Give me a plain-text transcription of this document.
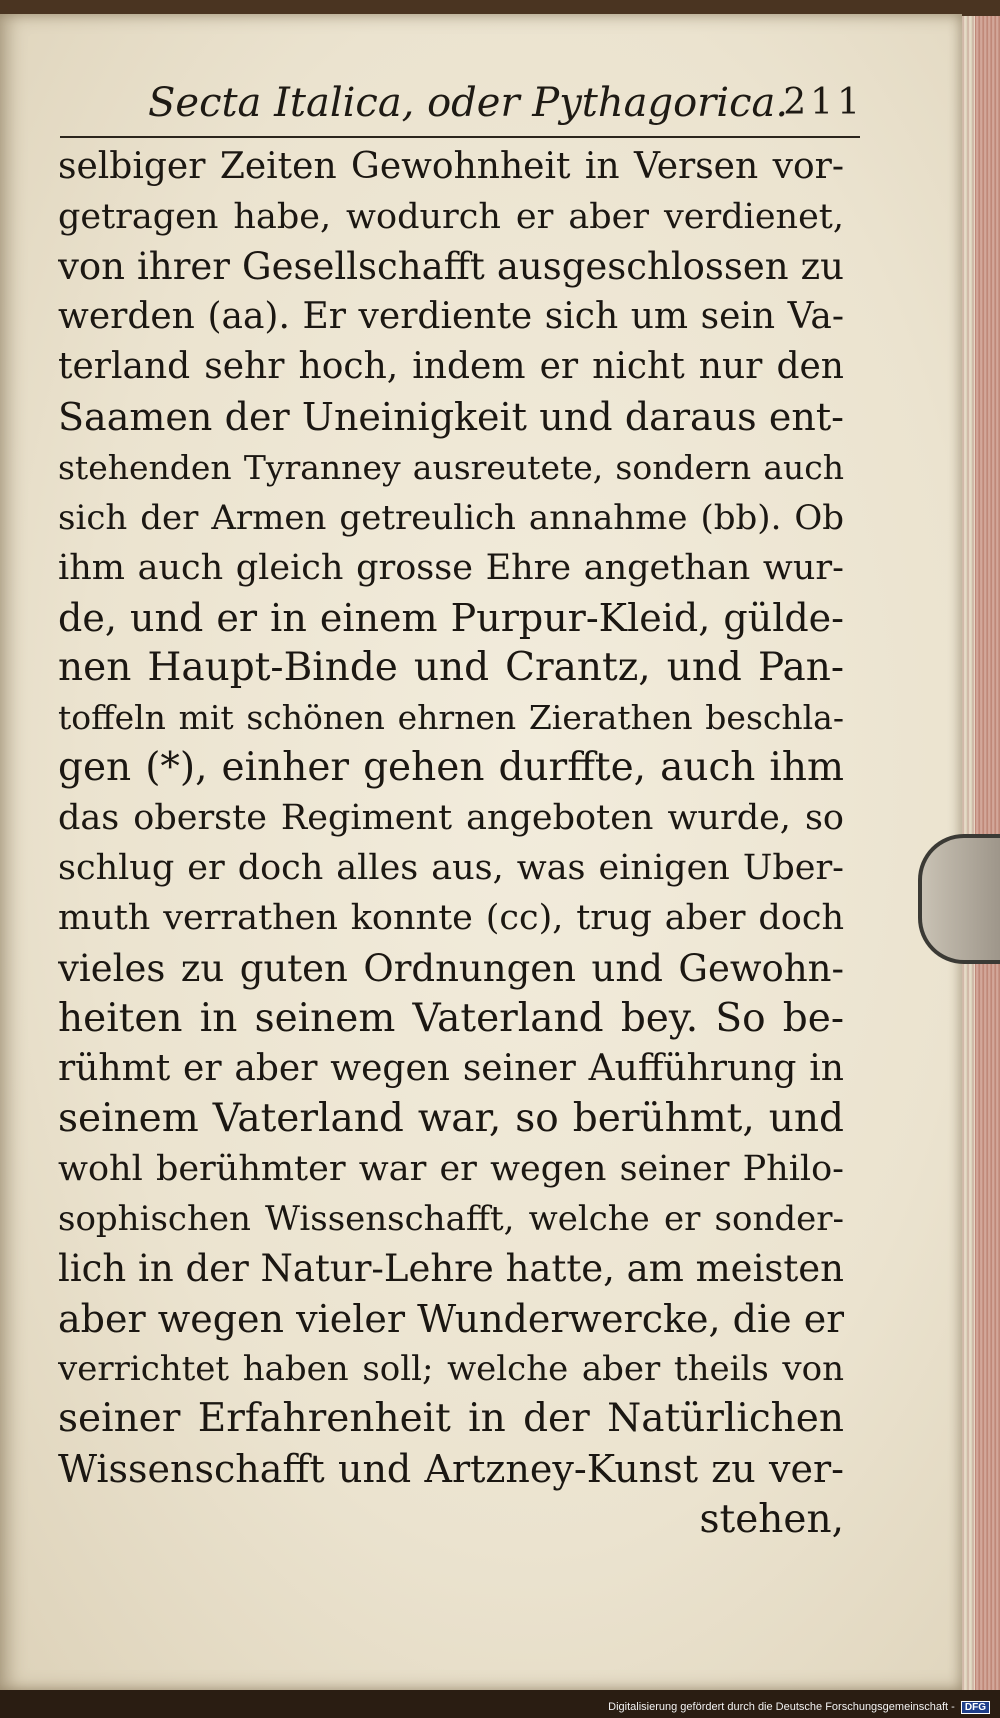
Secta Italica, oder Pythagorica.
211
selbiger Zeiten Gewohnheit in Versen vor-
getragen habe, wodurch er aber verdienet,
von ihrer Gesellschafft ausgeschlossen zu
werden (aa). Er verdiente sich um sein Va-
terland sehr hoch, indem er nicht nur den
Saamen der Uneinigkeit und daraus ent-
stehenden Tyranney ausreutete, sondern auch
sich der Armen getreulich annahme (bb). Ob
ihm auch gleich grosse Ehre angethan wur-
de, und er in einem Purpur-Kleid, gülde-
nen Haupt-Binde und Crantz, und Pan-
toffeln mit schönen ehrnen Zierathen beschla-
gen (*), einher gehen durffte, auch ihm
das oberste Regiment angeboten wurde, so
schlug er doch alles aus, was einigen Uber-
muth verrathen konnte (cc), trug aber doch
vieles zu guten Ordnungen und Gewohn-
heiten in seinem Vaterland bey. So be-
rühmt er aber wegen seiner Aufführung in
seinem Vaterland war, so berühmt, und
wohl berühmter war er wegen seiner Philo-
sophischen Wissenschafft, welche er sonder-
lich in der Natur-Lehre hatte, am meisten
aber wegen vieler Wunderwercke, die er
verrichtet haben soll; welche aber theils von
seiner Erfahrenheit in der Natürlichen
Wissenschafft und Artzney-Kunst zu ver-
stehen,
Digitalisierung gefördert durch die Deutsche Forschungsgemeinschaft - DFG
